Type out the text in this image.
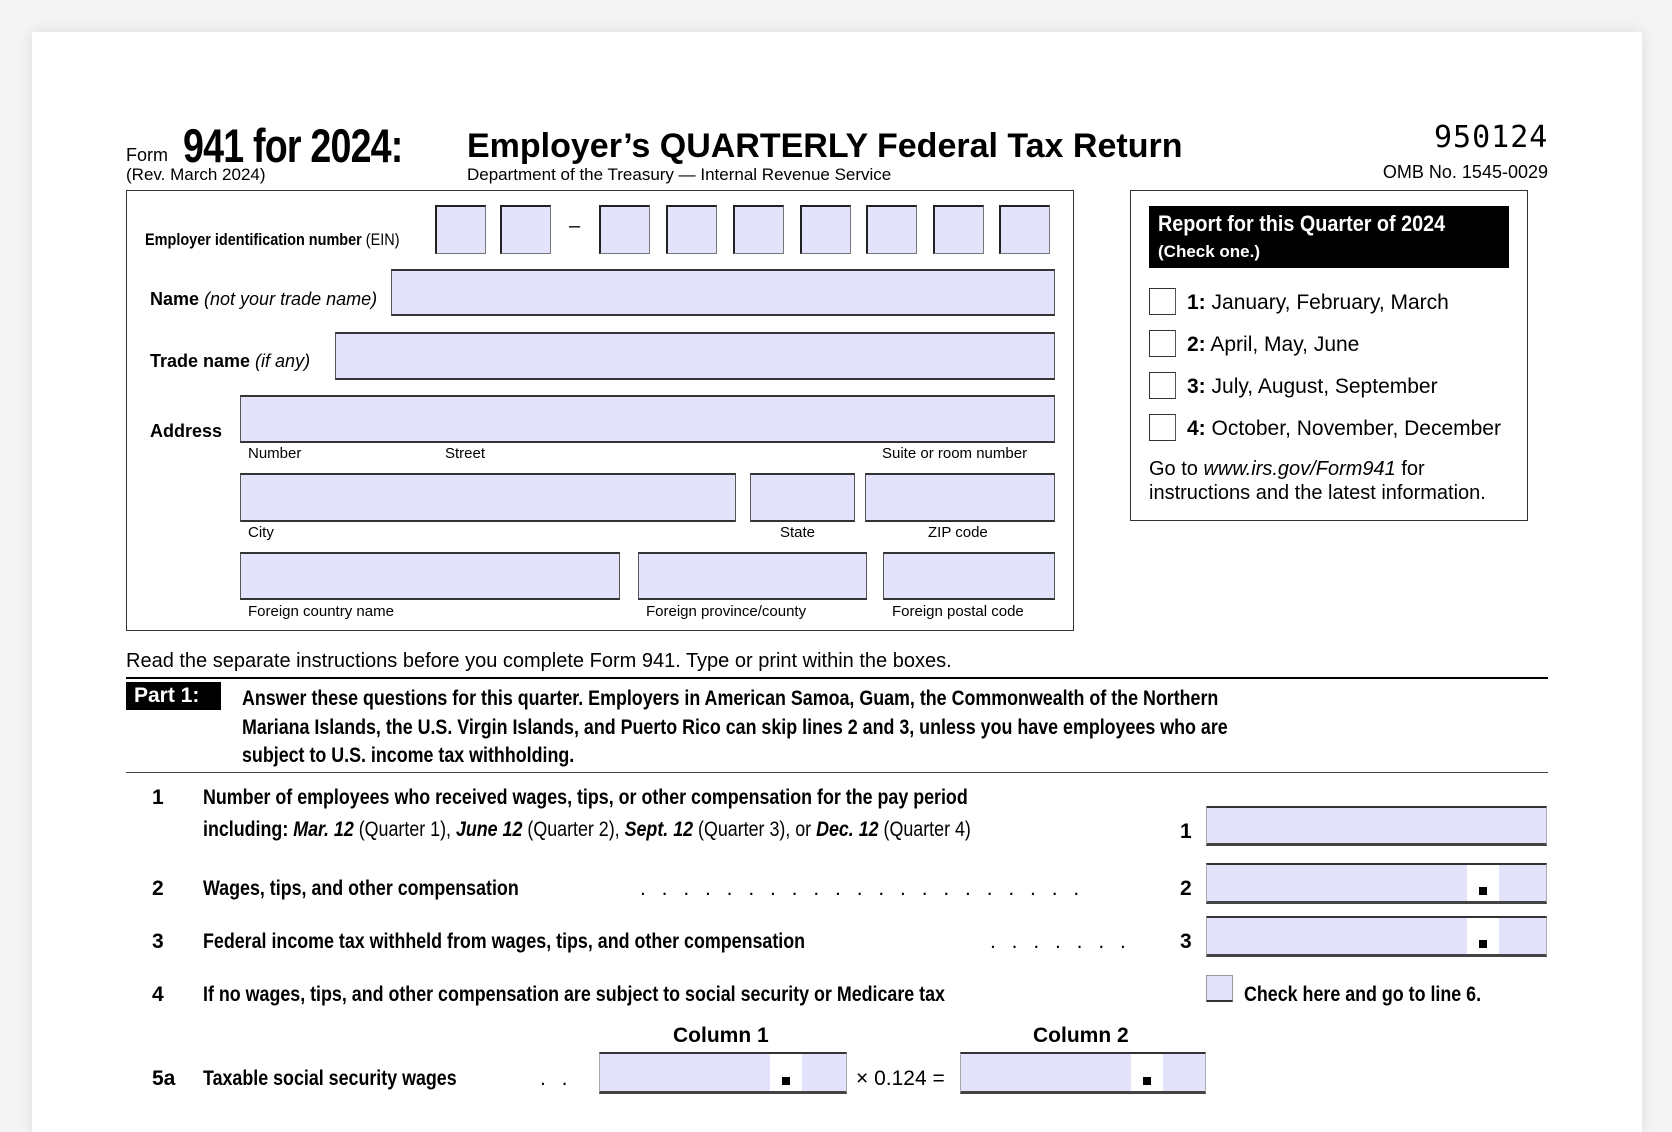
Form 941 for 2024:
(Rev. March 2024)
Employer’s QUARTERLY Federal Tax Return
Department of the Treasury — Internal Revenue Service
950124
OMB No. 1545-0029
Employer identification number (EIN)
–
Name (not your trade name)
Trade name (if any)
Address
Number	Street	Suite or room number
City	State	ZIP code
Foreign country name	Foreign province/county	Foreign postal code
Report for this Quarter of 2024
(Check one.)
1: January, February, March
2: April, May, June
3: July, August, September
4: October, November, December
Go to www.irs.gov/Form941 for
instructions and the latest information.
Read the separate instructions before you complete Form 941. Type or print within the boxes.
Part 1:	Answer these questions for this quarter. Employers in American Samoa, Guam, the Commonwealth of the Northern
Mariana Islands, the U.S. Virgin Islands, and Puerto Rico can skip lines 2 and 3, unless you have employees who are
subject to U.S. income tax withholding.
1 Number of employees who received wages, tips, or other compensation for the pay period
including: Mar. 12 (Quarter 1), June 12 (Quarter 2), Sept. 12 (Quarter 3), or Dec. 12 (Quarter 4)	1
2 Wages, tips, and other compensation	. . . . . . . . . . . . . . . . . . . . .	2
3 Federal income tax withheld from wages, tips, and other compensation	. . . . . . . 3
4 If no wages, tips, and other compensation are subject to social security or Medicare tax	Check here and go to line 6.
Column 1	Column 2
5a Taxable social security wages	. .	× 0.124 =
